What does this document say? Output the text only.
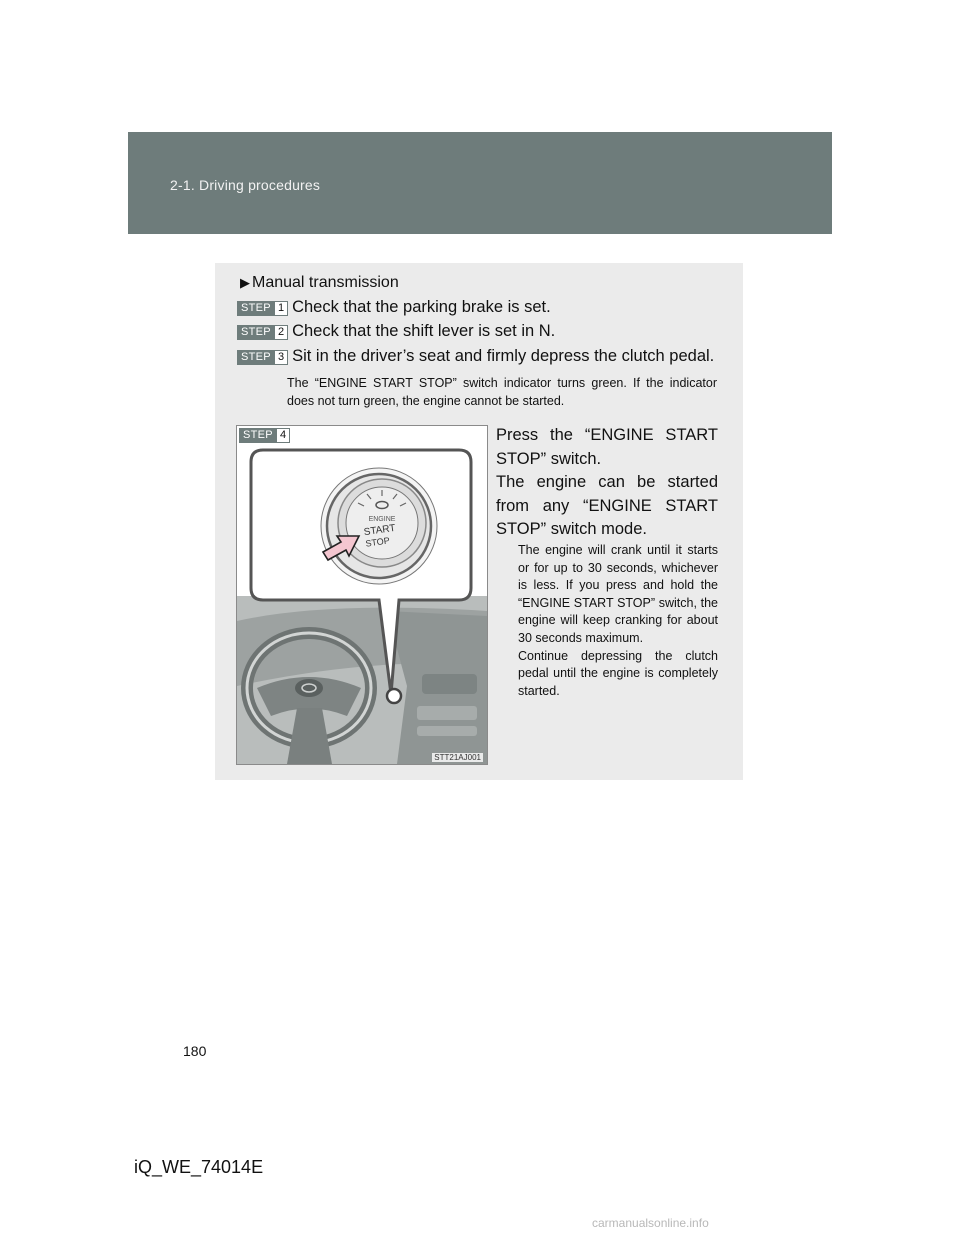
2-1. Driving procedures
▶ Manual transmission
STEP 1 Check that the parking brake is set.
STEP 2 Check that the shift lever is set in N.
STEP 3 Sit in the driver’s seat and firmly depress the clutch pedal.
The “ENGINE START STOP” switch indicator turns green. If the indicator does not turn green, the engine cannot be started.
ENGINE
START
STOP
STEP 4
STT21AJ001

Press the “ENGINE START STOP” switch.

The engine can be started from any “ENGINE START STOP” switch mode.

The engine will crank until it starts or for up to 30 seconds, whichever is less. If you press and hold the “ENGINE START STOP” switch, the engine will keep cranking for about 30 seconds maximum.

Continue depressing the clutch pedal until the engine is completely started.

180
iQ_WE_74014E
carmanualsonline.info
